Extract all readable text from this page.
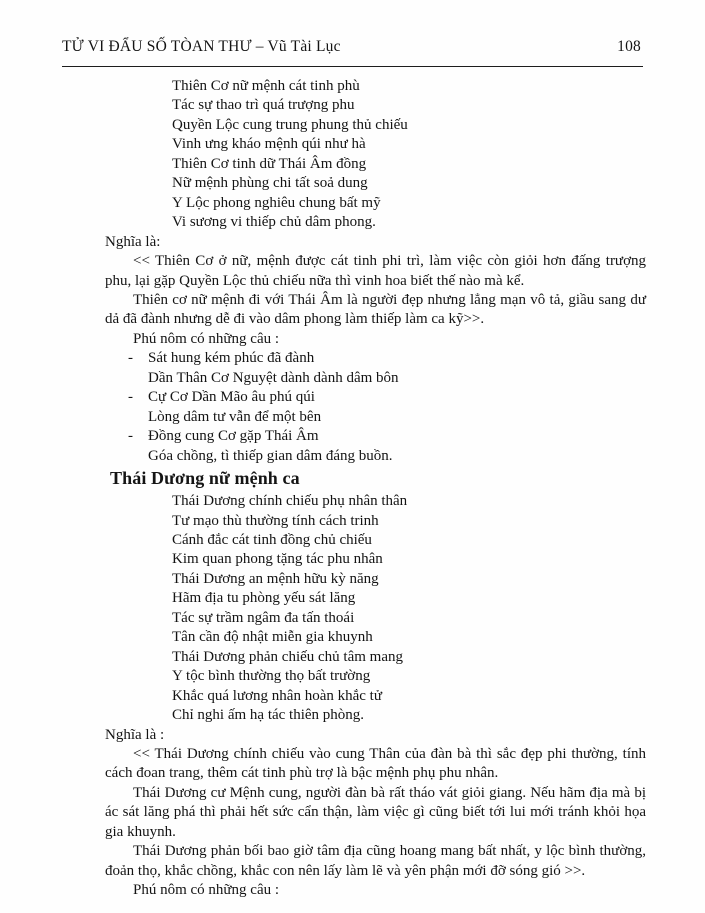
TỬ VI ĐẨU SỐ TÒAN THƯ – Vũ Tài Lục	108
Thiên Cơ nữ mệnh cát tinh phù
Tác sự thao trì quá trượng phu
Quyền Lộc cung trung phung thủ chiếu
Vinh ưng kháo mệnh qúi như hà
Thiên Cơ tinh dữ Thái Âm đồng
Nữ mệnh phùng chi tất soả dung
Y Lộc phong nghiêu chung bất mỹ
Vi sương vi thiếp chủ dâm phong.
Nghĩa là:

<< Thiên Cơ ở nữ, mệnh được cát tinh phi trì, làm việc còn giỏi hơn đấng trượng phu, lại gặp Quyền Lộc thủ chiếu nữa thì vinh hoa biết thế nào mà kể.

Thiên cơ nữ mệnh đi với Thái Âm là người đẹp nhưng lẳng mạn vô tả, giầu sang dư dả đã đành nhưng dễ đi vào dâm phong làm thiếp làm ca kỹ>>.

Phú nôm có những câu :
- Sát hung kém phúc đã đành
Dần Thân Cơ Nguyệt dành dành dâm bôn
- Cự Cơ Dần Mão âu phú qúi
Lòng dâm tư vẫn để một bên
- Đồng cung Cơ gặp Thái Âm
Góa chồng, tì thiếp gian dâm đáng buồn.
Thái Dương nữ mệnh ca
Thái Dương chính chiếu phụ nhân thân
Tư mạo thù thường tính cách trinh
Cánh đắc cát tinh đồng chủ chiếu
Kim quan phong tặng tác phu nhân
Thái Dương an mệnh hữu kỳ năng
Hãm địa tu phòng yếu sát lăng
Tác sự trầm ngâm đa tấn thoái
Tân cần độ nhật miễn gia khuynh
Thái Dương phản chiếu chủ tâm mang
Y tộc bình thường thọ bất trường
Khắc quá lương nhân hoàn khắc tử
Chỉ nghi ấm hạ tác thiên phòng.
Nghĩa là :

<< Thái Dương chính chiếu vào cung Thân của đàn bà thì sắc đẹp phi thường, tính cách đoan trang, thêm cát tinh phù trợ là bậc mệnh phụ phu nhân.

Thái Dương cư Mệnh cung, người đàn bà rất tháo vát giỏi giang. Nếu hãm địa mà bị ác sát lăng phá thì phải hết sức cẩn thận, làm việc gì cũng biết tới lui mới tránh khỏi họa gia khuynh.

Thái Dương phản bối bao giờ tâm địa cũng hoang mang bất nhất, y lộc bình thường, đoản thọ, khắc chồng, khắc con nên lấy làm lẽ và yên phận mới đỡ sóng gió >>.

Phú nôm có những câu :
